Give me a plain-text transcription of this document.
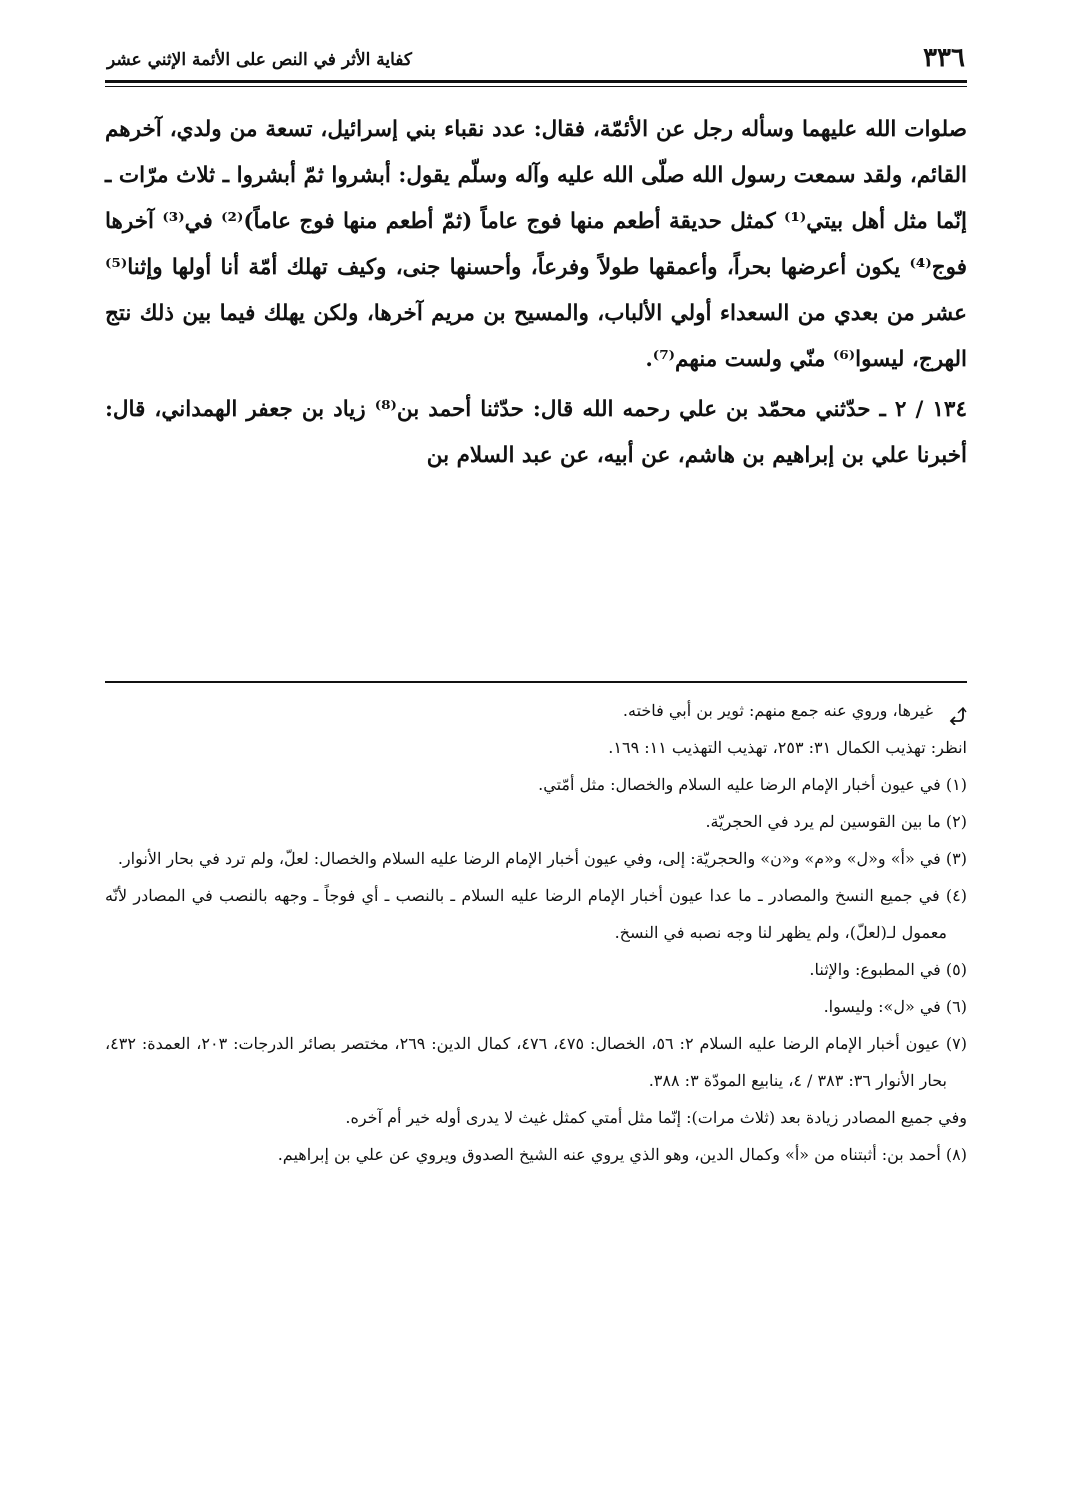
٣٣٦
كفاية الأثر في النص على الأئمة الإثني عشر

صلوات الله عليهما وسأله رجل عن الأئمّة، فقال: عدد نقباء بني إسرائيل، تسعة من ولدي، آخرهم القائم، ولقد سمعت رسول الله صلّى الله عليه وآله وسلّم يقول: أبشروا ثمّ أبشروا ـ ثلاث مرّات ـ إنّما مثل أهل بيتي⁽¹⁾ كمثل حديقة أطعم منها فوج عاماً (ثمّ أطعم منها فوج عاماً)⁽²⁾ في⁽³⁾ آخرها فوج⁽⁴⁾ يكون أعرضها بحراً، وأعمقها طولاً وفرعاً، وأحسنها جنى، وكيف تهلك أمّة أنا أولها وإثنا⁽⁵⁾ عشر من بعدي من السعداء أولي الألباب، والمسيح بن مريم آخرها، ولكن يهلك فيما بين ذلك نتج الهرج، ليسوا⁽⁶⁾ منّي ولست منهم⁽⁷⁾.

١٣٤ / ٢ ـ حدّثني محمّد بن علي رحمه الله قال: حدّثنا أحمد بن⁽⁸⁾ زياد بن جعفر الهمداني، قال: أخبرنا علي بن إبراهيم بن هاشم، عن أبيه، عن عبد السلام بن

غيرها، وروي عنه جمع منهم: ثوير بن أبي فاخته.

انظر: تهذيب الكمال ٣١: ٢٥٣، تهذيب التهذيب ١١: ١٦٩.

(١) في عيون أخبار الإمام الرضا عليه السلام والخصال: مثل أمّتي.

(٢) ما بين القوسين لم يرد في الحجريّة.

(٣) في «أ» و«ل» و«م» و«ن» والحجريّة: إلى، وفي عيون أخبار الإمام الرضا عليه السلام والخصال: لعلّ، ولم ترد في بحار الأنوار.

(٤) في جميع النسخ والمصادر ـ ما عدا عيون أخبار الإمام الرضا عليه السلام ـ بالنصب ـ أي فوجاً ـ وجهه بالنصب في المصادر لأنّه معمول لـ(لعلّ)، ولم يظهر لنا وجه نصبه في النسخ.

(٥) في المطبوع: والإثنا.

(٦) في «ل»: وليسوا.

(٧) عيون أخبار الإمام الرضا عليه السلام ٢: ٥٦، الخصال: ٤٧٥، ٤٧٦، كمال الدين: ٢٦٩، مختصر بصائر الدرجات: ٢٠٣، العمدة: ٤٣٢، بحار الأنوار ٣٦: ٣٨٣ / ٤، ينابيع المودّة ٣: ٣٨٨.

وفي جميع المصادر زيادة بعد (ثلاث مرات): إنّما مثل أمتي كمثل غيث لا يدرى أوله خير أم آخره.

(٨) أحمد بن: أثبتناه من «أ» وكمال الدين، وهو الذي يروي عنه الشيخ الصدوق ويروي عن علي بن إبراهيم.
